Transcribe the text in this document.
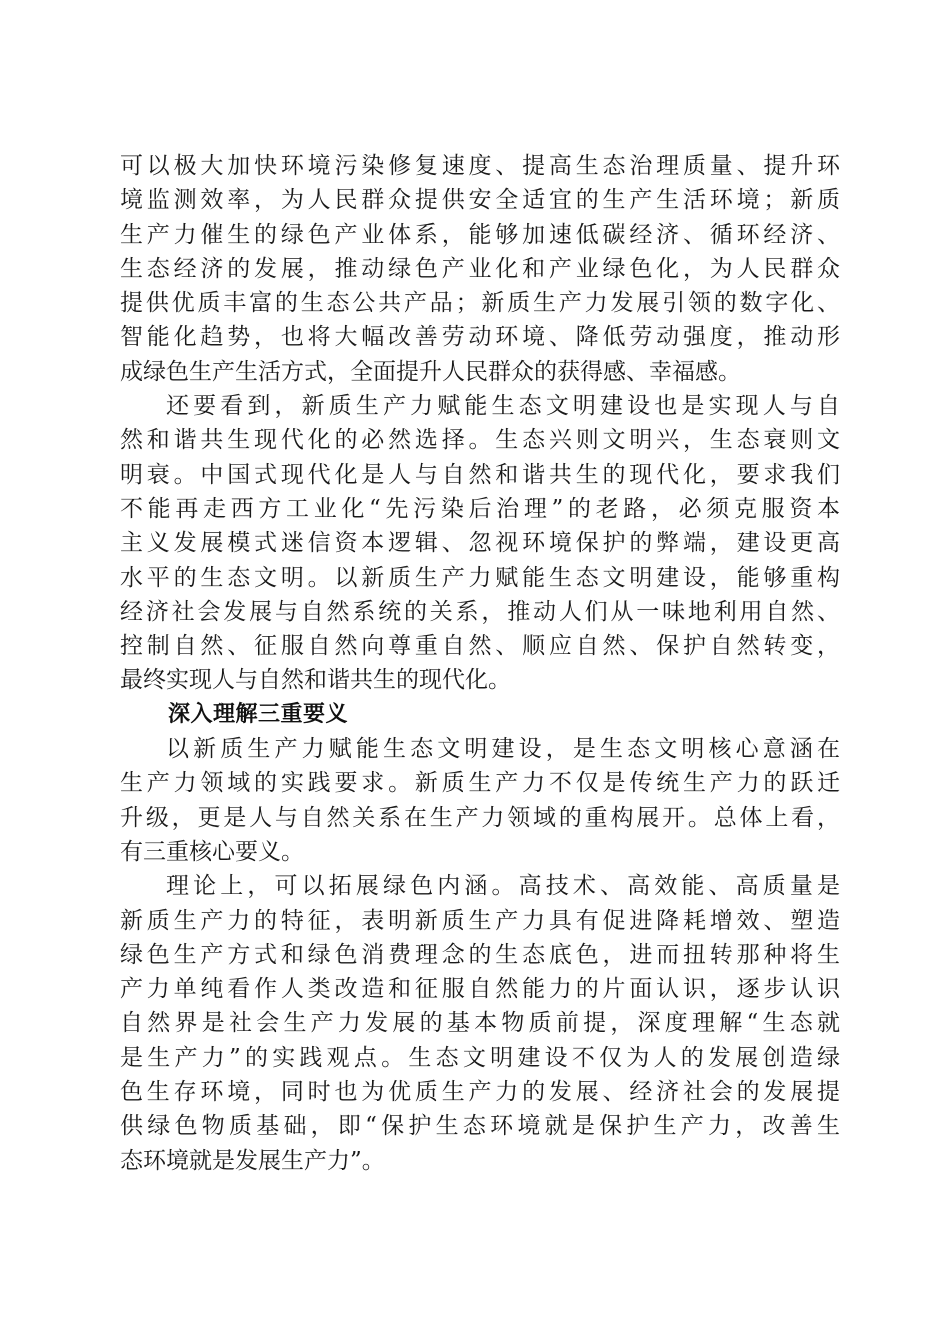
可以极大加快环境污染修复速度、提高生态治理质量、提升环
境监测效率，为人民群众提供安全适宜的生产生活环境；新质
生产力催生的绿色产业体系，能够加速低碳经济、循环经济、
生态经济的发展，推动绿色产业化和产业绿色化，为人民群众
提供优质丰富的生态公共产品；新质生产力发展引领的数字化、
智能化趋势，也将大幅改善劳动环境、降低劳动强度，推动形
成绿色生产生活方式，全面提升人民群众的获得感、幸福感。
还要看到，新质生产力赋能生态文明建设也是实现人与自
然和谐共生现代化的必然选择。生态兴则文明兴，生态衰则文
明衰。中国式现代化是人与自然和谐共生的现代化，要求我们
不能再走西方工业化“先污染后治理”的老路，必须克服资本
主义发展模式迷信资本逻辑、忽视环境保护的弊端，建设更高
水平的生态文明。以新质生产力赋能生态文明建设，能够重构
经济社会发展与自然系统的关系，推动人们从一味地利用自然、
控制自然、征服自然向尊重自然、顺应自然、保护自然转变，
最终实现人与自然和谐共生的现代化。
深入理解三重要义
以新质生产力赋能生态文明建设，是生态文明核心意涵在
生产力领域的实践要求。新质生产力不仅是传统生产力的跃迁
升级，更是人与自然关系在生产力领域的重构展开。总体上看，
有三重核心要义。
理论上，可以拓展绿色内涵。高技术、高效能、高质量是
新质生产力的特征，表明新质生产力具有促进降耗增效、塑造
绿色生产方式和绿色消费理念的生态底色，进而扭转那种将生
产力单纯看作人类改造和征服自然能力的片面认识，逐步认识
自然界是社会生产力发展的基本物质前提，深度理解“生态就
是生产力”的实践观点。生态文明建设不仅为人的发展创造绿
色生存环境，同时也为优质生产力的发展、经济社会的发展提
供绿色物质基础，即“保护生态环境就是保护生产力，改善生
态环境就是发展生产力”。
